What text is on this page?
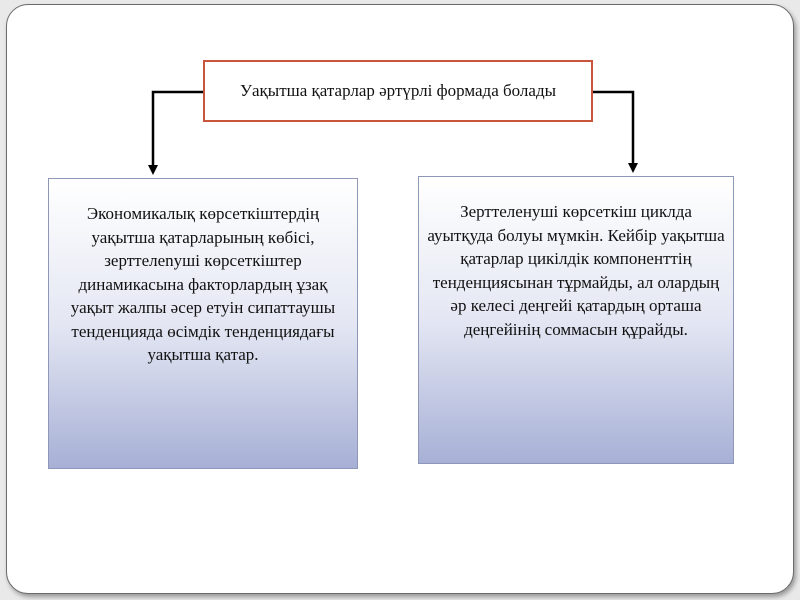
Уақытша қатарлар әртүрлі формада болады
Экономикалық көрсеткіштердің уақытша қатарларының көбісі, зерттелenуші көрсеткіштер динамикасына факторлардың ұзақ уақыт жалпы әсер етуін сипаттаушы тенденцияда өсімдік тенденциядағы уақытша қатар.
Зерттеленуші көрсеткіш циклда ауытқуда болуы мүмкін. Кейбір уақытша қатарлар цикілдік компоненттің тенденциясынан тұрмайды, ал олардың әр келесі деңгейі қатардың орташа деңгейінің соммасын құрайды.
